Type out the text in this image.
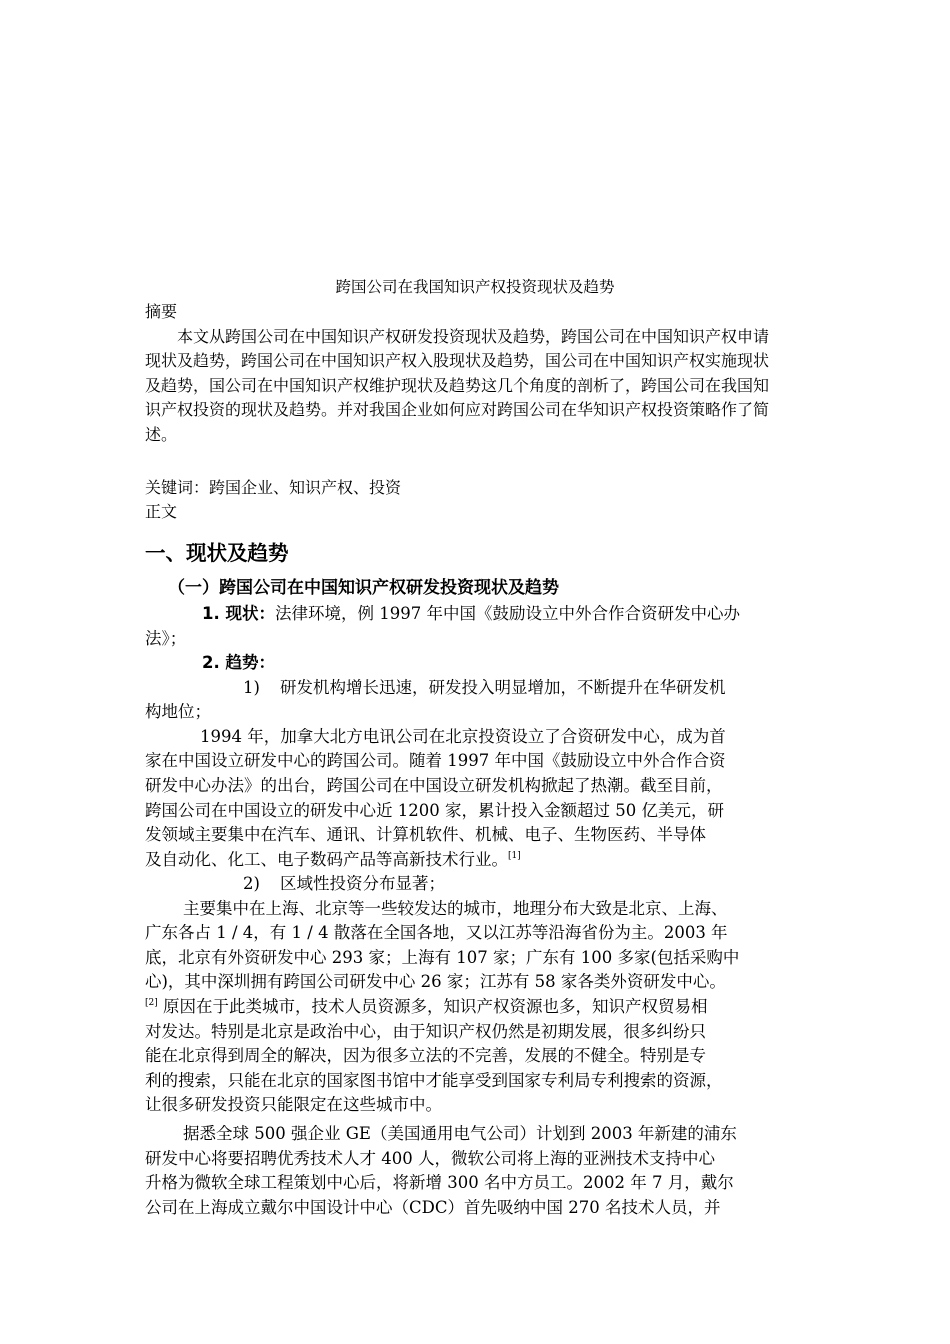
跨国公司在我国知识产权投资现状及趋势
摘要
本文从跨国公司在中国知识产权研发投资现状及趋势，跨国公司在中国知识产权申请
现状及趋势，跨国公司在中国知识产权入股现状及趋势，国公司在中国知识产权实施现状
及趋势，国公司在中国知识产权维护现状及趋势这几个角度的剖析了，跨国公司在我国知
识产权投资的现状及趋势。并对我国企业如何应对跨国公司在华知识产权投资策略作了简
述。
关键词：跨国企业、知识产权、投资
正文
一、现状及趋势
（一）跨国公司在中国知识产权研发投资现状及趋势
1. 现状：法律环境，例 1997 年中国《鼓励设立中外合作合资研发中心办
法》；
2. 趋势：
1) 研发机构增长迅速，研发投入明显增加，不断提升在华研发机
构地位；
1994 年，加拿大北方电讯公司在北京投资设立了合资研发中心，成为首
家在中国设立研发中心的跨国公司。随着 1997 年中国《鼓励设立中外合作合资
研发中心办法》的出台，跨国公司在中国设立研发机构掀起了热潮。截至目前，
跨国公司在中国设立的研发中心近 1200 家，累计投入金额超过 50 亿美元，研
发领域主要集中在汽车、通讯、计算机软件、机械、电子、生物医药、半导体
及自动化、化工、电子数码产品等高新技术行业。[1]
2) 区域性投资分布显著；
主要集中在上海、北京等一些较发达的城市，地理分布大致是北京、上海、
广东各占 1 / 4，有 1 / 4 散落在全国各地，又以江苏等沿海省份为主。2003 年
底，北京有外资研发中心 293 家；上海有 107 家；广东有 100 多家(包括采购中
心)，其中深圳拥有跨国公司研发中心 26 家；江苏有 58 家各类外资研发中心。
[2] 原因在于此类城市，技术人员资源多，知识产权资源也多，知识产权贸易相
对发达。特别是北京是政治中心，由于知识产权仍然是初期发展，很多纠纷只
能在北京得到周全的解决，因为很多立法的不完善，发展的不健全。特别是专
利的搜索，只能在北京的国家图书馆中才能享受到国家专利局专利搜索的资源，
让很多研发投资只能限定在这些城市中。
据悉全球 500 强企业 GE（美国通用电气公司）计划到 2003 年新建的浦东
研发中心将要招聘优秀技术人才 400 人，微软公司将上海的亚洲技术支持中心
升格为微软全球工程策划中心后，将新增 300 名中方员工。2002 年 7 月，戴尔
公司在上海成立戴尔中国设计中心（CDC）首先吸纳中国 270 名技术人员，并
